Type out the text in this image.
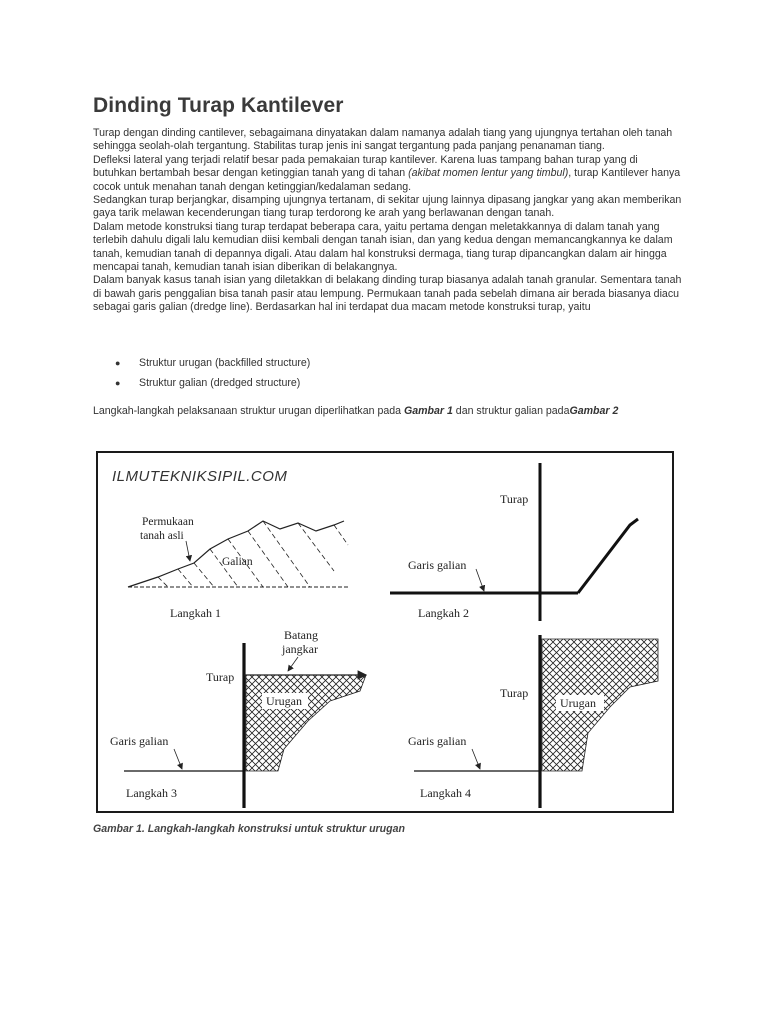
Dinding Turap Kantilever

Turap dengan dinding cantilever, sebagaimana dinyatakan dalam namanya adalah tiang yang ujungnya tertahan oleh tanah sehingga seolah-olah tergantung. Stabilitas turap jenis ini sangat tergantung pada panjang penanaman tiang.

Defleksi lateral yang terjadi relatif besar pada pemakaian turap kantilever. Karena luas tampang bahan turap yang di butuhkan bertambah besar dengan ketinggian tanah yang di tahan (akibat momen lentur yang timbul), turap Kantilever hanya cocok untuk menahan tanah dengan ketinggian/kedalaman sedang.

Sedangkan turap berjangkar, disamping ujungnya tertanam, di sekitar ujung lainnya dipasang jangkar yang akan memberikan gaya tarik melawan kecenderungan tiang turap terdorong ke arah yang berlawanan dengan tanah.

Dalam metode konstruksi tiang turap terdapat beberapa cara, yaitu pertama dengan meletakkannya di dalam tanah yang terlebih dahulu digali lalu kemudian diisi kembali dengan tanah isian, dan yang kedua dengan memancangkannya ke dalam tanah, kemudian tanah di depannya digali. Atau dalam hal konstruksi dermaga, tiang turap dipancangkan dalam air hingga mencapai tanah, kemudian tanah isian diberikan di belakangnya.

Dalam banyak kasus tanah isian yang diletakkan di belakang dinding turap biasanya adalah tanah granular. Sementara tanah di bawah garis penggalian bisa tanah pasir atau lempung. Permukaan tanah pada sebelah dimana air berada biasanya diacu sebagai garis galian (dredge line). Berdasarkan hal ini terdapat dua macam metode konstruksi turap, yaitu

● Struktur urugan (backfilled structure)
● Struktur galian (dredged structure)
Langkah-langkah pelaksanaan struktur urugan diperlihatkan pada Gambar 1 dan struktur galian padaGambar 2
ILMUTEKNIKSIPIL.COM
Permukaan
tanah asli
Galian
Langkah 1
Turap
Garis galian
Langkah 2
Batang
jangkar
Turap
Urugan
Garis galian
Langkah 3
Turap
Urugan
Garis galian
Langkah 4
Gambar 1. Langkah-langkah konstruksi untuk struktur urugan
